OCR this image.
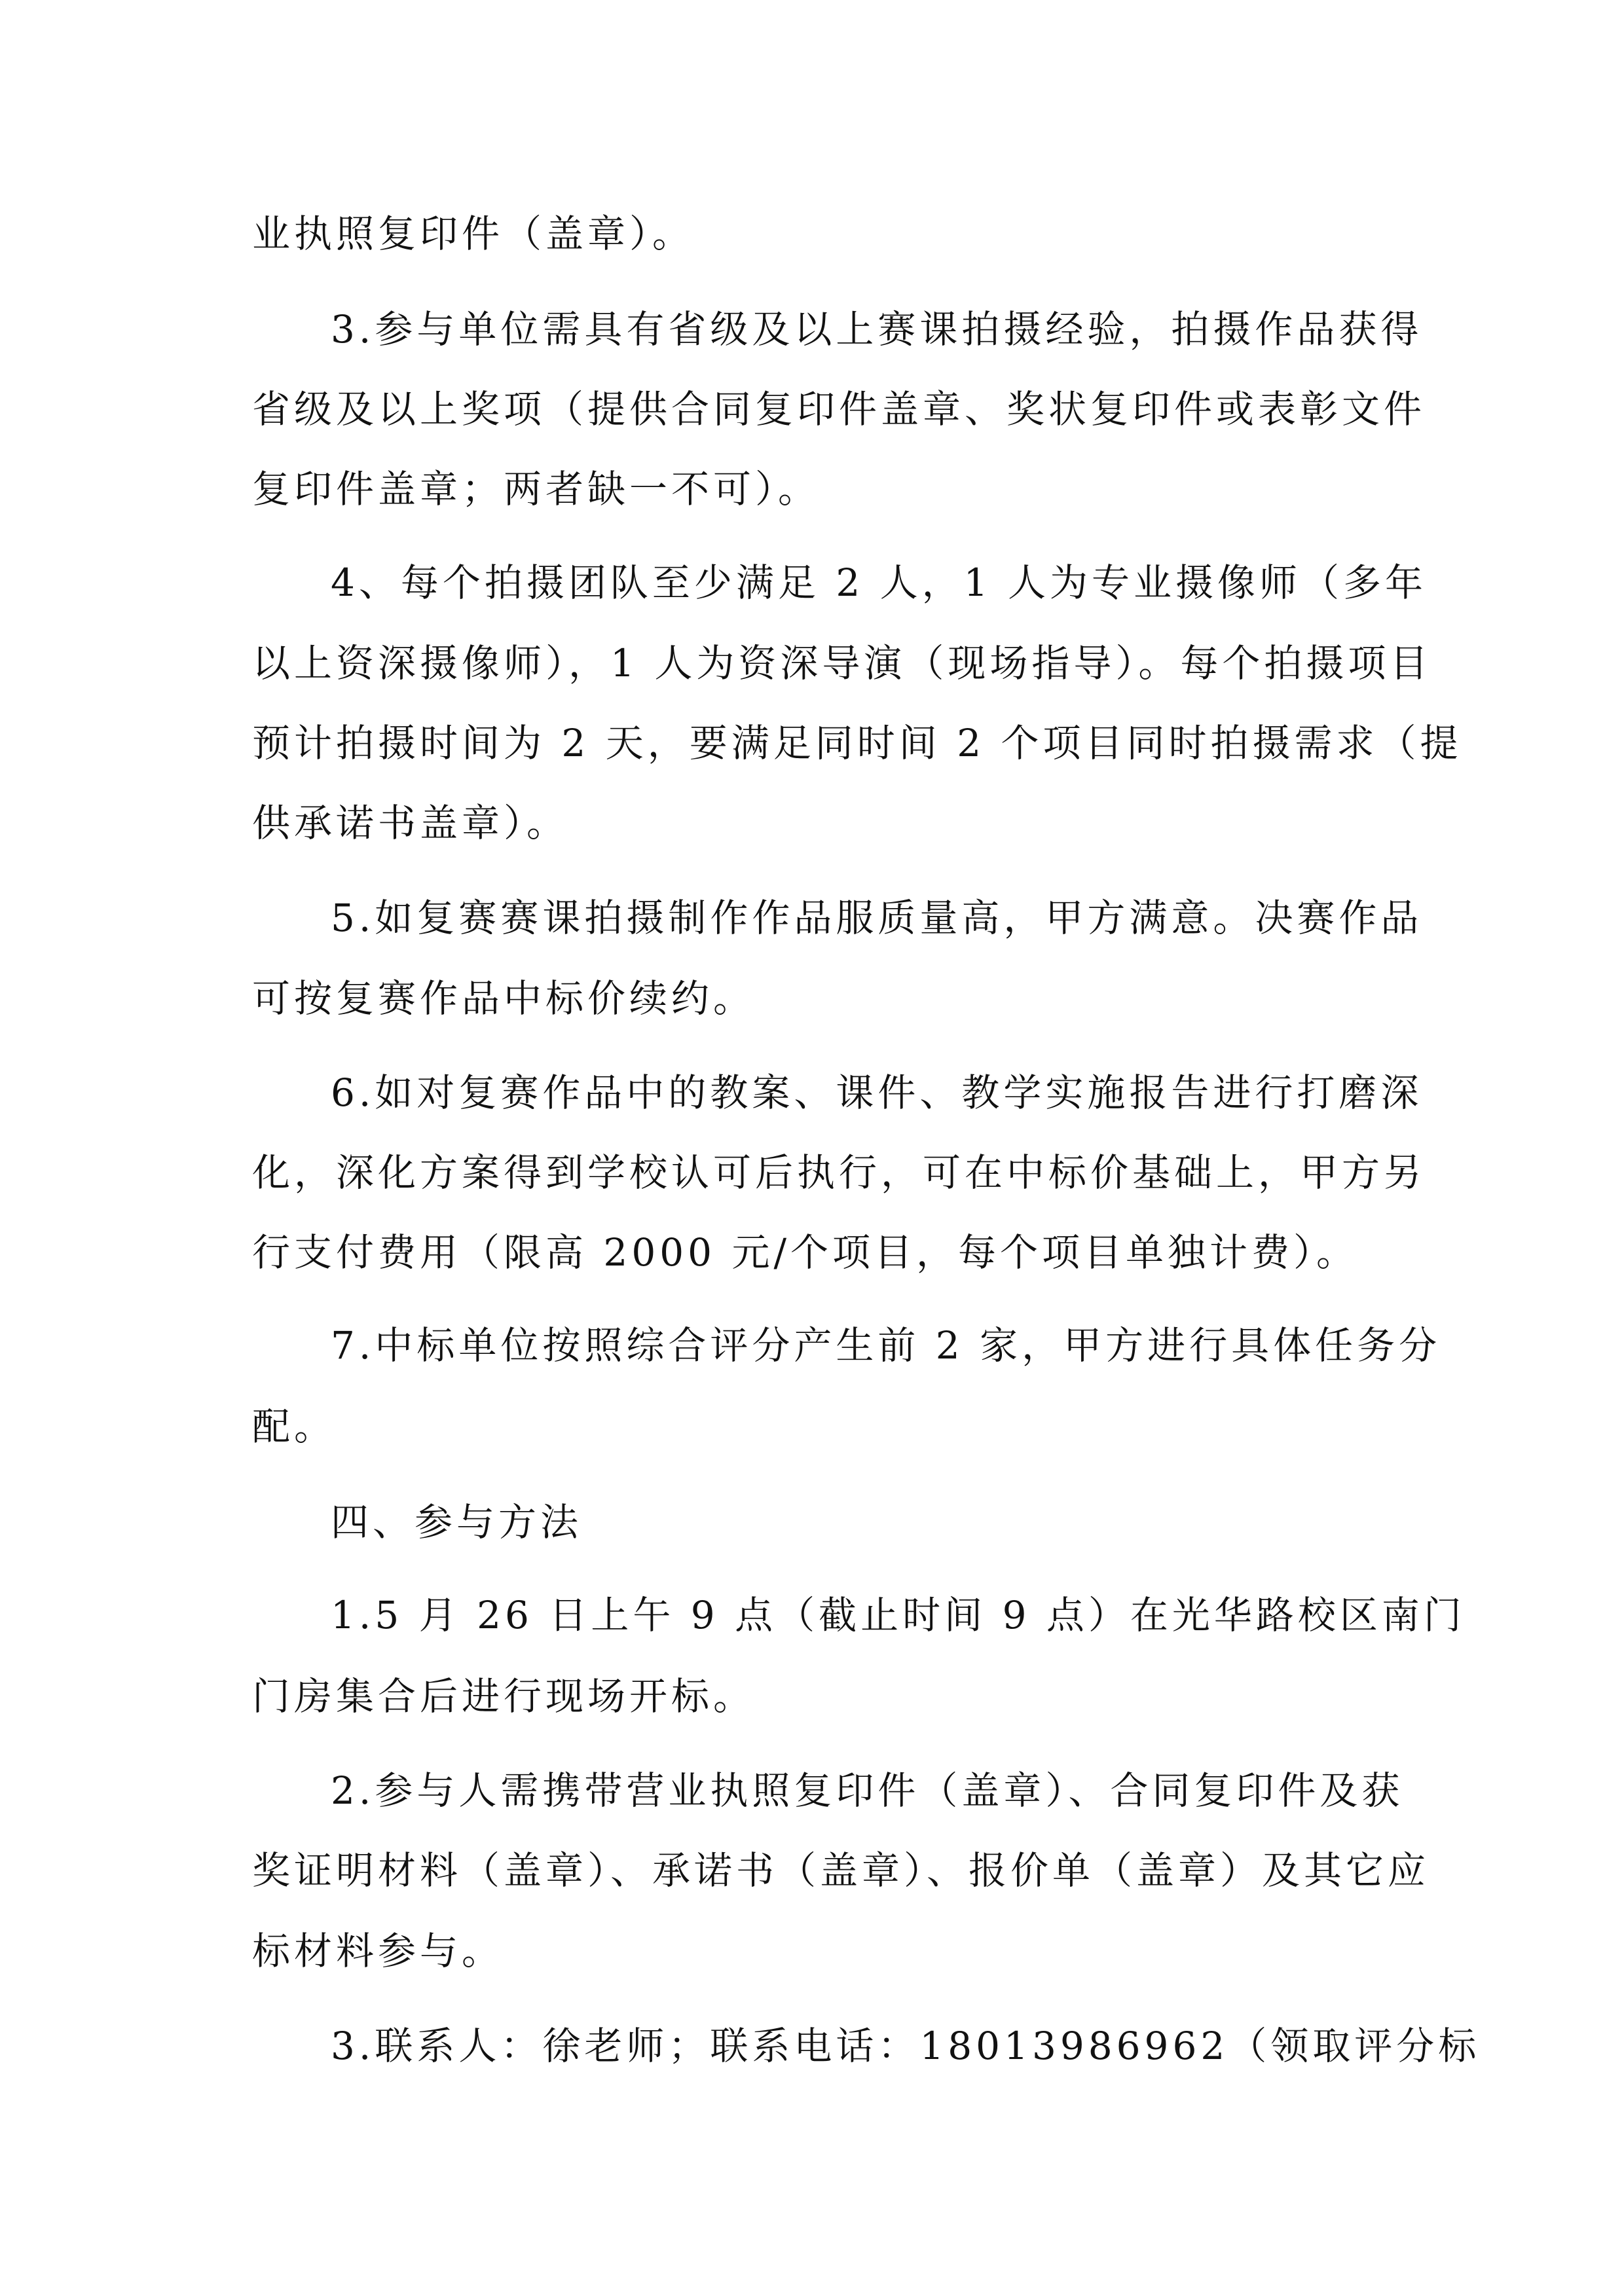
业执照复印件（盖章）。
3.参与单位需具有省级及以上赛课拍摄经验，拍摄作品获得
省级及以上奖项（提供合同复印件盖章、奖状复印件或表彰文件
复印件盖章；两者缺一不可）。
4、每个拍摄团队至少满足 2 人，1 人为专业摄像师（多年
以上资深摄像师），1 人为资深导演（现场指导）。每个拍摄项目
预计拍摄时间为 2 天，要满足同时间 2 个项目同时拍摄需求（提
供承诺书盖章）。
5.如复赛赛课拍摄制作作品服质量高，甲方满意。决赛作品
可按复赛作品中标价续约。
6.如对复赛作品中的教案、课件、教学实施报告进行打磨深
化，深化方案得到学校认可后执行，可在中标价基础上，甲方另
行支付费用（限高 2000 元/个项目，每个项目单独计费）。
7.中标单位按照综合评分产生前 2 家，甲方进行具体任务分
配。
四、参与方法
1.5 月 26 日上午 9 点（截止时间 9 点）在光华路校区南门
门房集合后进行现场开标。
2.参与人需携带营业执照复印件（盖章）、合同复印件及获
奖证明材料（盖章）、承诺书（盖章）、报价单（盖章）及其它应
标材料参与。
3.联系人：徐老师；联系电话：18013986962（领取评分标
